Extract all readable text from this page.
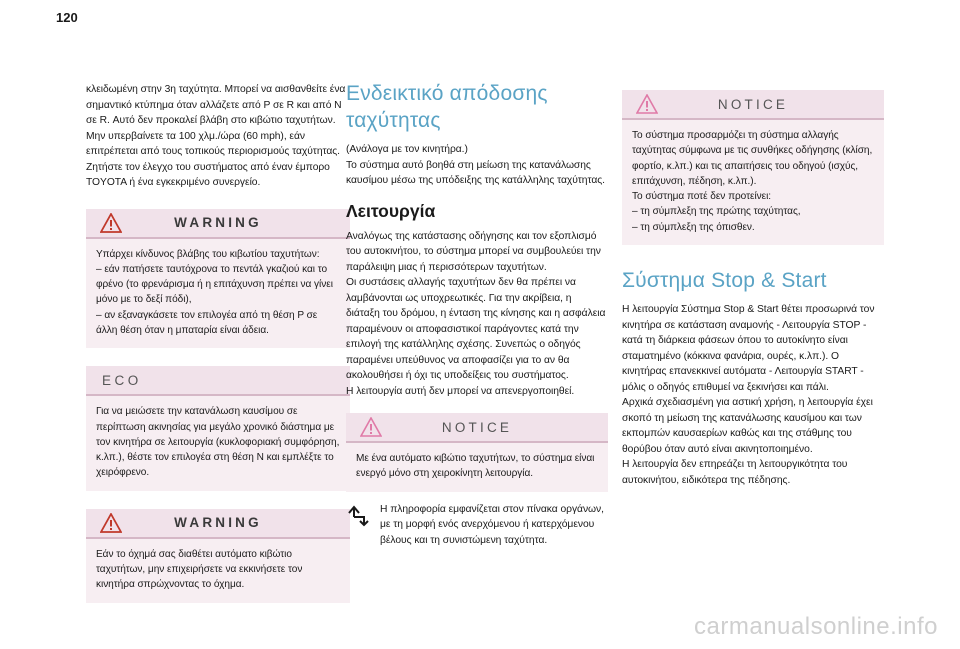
120

κλειδωμένη στην 3η ταχύτητα. Μπορεί να αισθανθείτε ένα σημαντικό κτύπημα όταν αλλάζετε από P σε R και από N σε R. Αυτό δεν προκαλεί βλάβη στο κιβώτιο ταχυτήτων.
Μην υπερβαίνετε τα 100 χλμ./ώρα (60 mph), εάν επιτρέπεται από τους τοπικούς περιορισμούς ταχύτητας.
Ζητήστε τον έλεγχο του συστήματος από έναν έμπορο TOYOTA ή ένα εγκεκριμένο συνεργείο.

WARNING

Υπάρχει κίνδυνος βλάβης του κιβωτίου ταχυτήτων:
– εάν πατήσετε ταυτόχρονα το πεντάλ γκαζιού και το φρένο (το φρενάρισμα ή η επιτάχυνση πρέπει να γίνει μόνο με το δεξί πόδι),
– αν εξαναγκάσετε τον επιλογέα από τη θέση P σε άλλη θέση όταν η μπαταρία είναι άδεια.

ECO

Για να μειώσετε την κατανάλωση καυσίμου σε περίπτωση ακινησίας για μεγάλο χρονικό διάστημα με τον κινητήρα σε λειτουργία (κυκλοφοριακή συμφόρηση, κ.λπ.), θέστε τον επιλογέα στη θέση N και εμπλέξτε το χειρόφρενο.

WARNING

Εάν το όχημά σας διαθέτει αυτόματο κιβώτιο ταχυτήτων, μην επιχειρήσετε να εκκινήσετε τον κινητήρα σπρώχνοντας το όχημα.

Ενδεικτικό απόδοσης ταχύτητας

(Ανάλογα με τον κινητήρα.)
Το σύστημα αυτό βοηθά στη μείωση της κατανάλωσης καυσίμου μέσω της υπόδειξης της κατάλληλης ταχύτητας.

Λειτουργία

Αναλόγως της κατάστασης οδήγησης και τον εξοπλισμό του αυτοκινήτου, το σύστημα μπορεί να συμβουλεύει την παράλειψη μιας ή περισσότερων ταχυτήτων.
Οι συστάσεις αλλαγής ταχυτήτων δεν θα πρέπει να λαμβάνονται ως υποχρεωτικές. Για την ακρίβεια, η διάταξη του δρόμου, η ένταση της κίνησης και η ασφάλεια παραμένουν οι αποφασιστικοί παράγοντες κατά την επιλογή της κατάλληλης σχέσης. Συνεπώς ο οδηγός παραμένει υπεύθυνος να αποφασίζει για το αν θα ακολουθήσει ή όχι τις υποδείξεις του συστήματος.
Η λειτουργία αυτή δεν μπορεί να απενεργοποιηθεί.

NOTICE

Με ένα αυτόματο κιβώτιο ταχυτήτων, το σύστημα είναι ενεργό μόνο στη χειροκίνητη λειτουργία.

Η πληροφορία εμφανίζεται στον πίνακα οργάνων, με τη μορφή ενός ανερχόμενου ή κατερχόμενου βέλους και τη συνιστώμενη ταχύτητα.

NOTICE

Το σύστημα προσαρμόζει τη σύστημα αλλαγής ταχύτητας σύμφωνα με τις συνθήκες οδήγησης (κλίση, φορτίο, κ.λπ.) και τις απαιτήσεις του οδηγού (ισχύς, επιτάχυνση, πέδηση, κ.λπ.).
Το σύστημα ποτέ δεν προτείνει:
– τη σύμπλεξη της πρώτης ταχύτητας,
– τη σύμπλεξη της όπισθεν.

Σύστημα Stop & Start

Η λειτουργία Σύστημα Stop & Start θέτει προσωρινά τον κινητήρα σε κατάσταση αναμονής - Λειτουργία STOP - κατά τη διάρκεια φάσεων όπου το αυτοκίνητο είναι σταματημένο (κόκκινα φανάρια, ουρές, κ.λπ.). Ο κινητήρας επανεκκινεί αυτόματα - Λειτουργία START - μόλις ο οδηγός επιθυμεί να ξεκινήσει και πάλι.
Αρχικά σχεδιασμένη για αστική χρήση, η λειτουργία έχει σκοπό τη μείωση της κατανάλωσης καυσίμου και των εκπομπών καυσαερίων καθώς και της στάθμης του θορύβου όταν αυτό είναι ακινητοποιημένο.
Η λειτουργία δεν επηρεάζει τη λειτουργικότητα του αυτοκινήτου, ειδικότερα της πέδησης.

carmanualsonline.info
